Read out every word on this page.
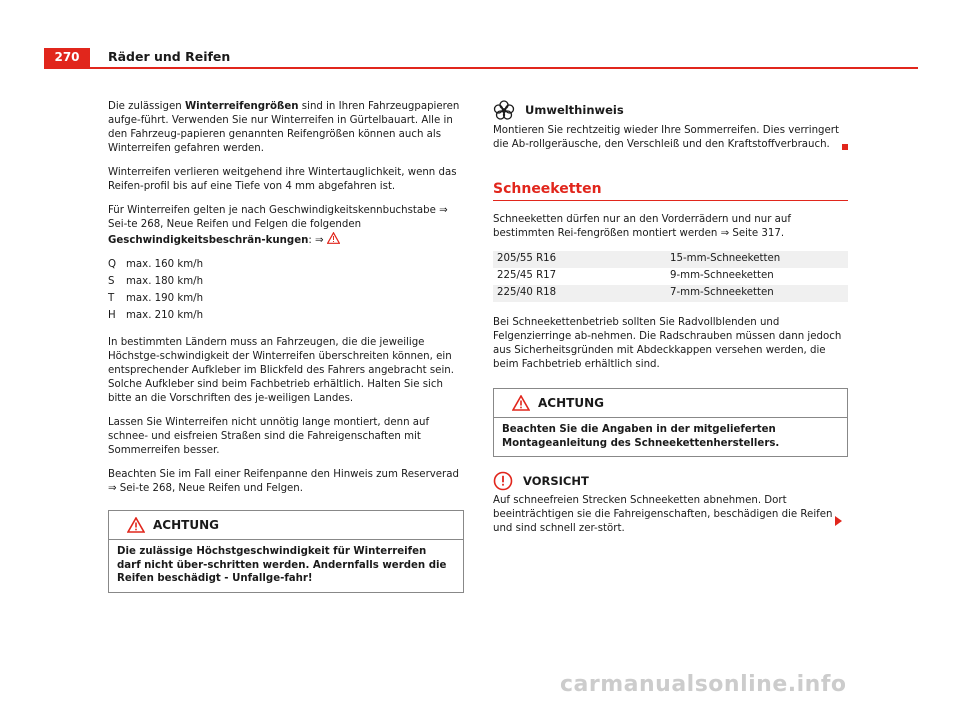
270	Räder und Reifen

Die zulässigen Winterreifengrößen sind in Ihren Fahrzeugpapieren aufge-führt. Verwenden Sie nur Winterreifen in Gürtelbauart. Alle in den Fahrzeug-papieren genannten Reifengrößen können auch als Winterreifen gefahren werden.

Winterreifen verlieren weitgehend ihre Wintertauglichkeit, wenn das Reifen-profil bis auf eine Tiefe von 4 mm abgefahren ist.

Für Winterreifen gelten je nach Geschwindigkeitskennbuchstabe ⇒ Sei-te 268, Neue Reifen und Felgen die folgenden Geschwindigkeitsbeschrän-kungen: ⇒

Q	max. 160 km/h
S	max. 180 km/h
T	max. 190 km/h
H	max. 210 km/h

In bestimmten Ländern muss an Fahrzeugen, die die jeweilige Höchstge-schwindigkeit der Winterreifen überschreiten können, ein entsprechender Aufkleber im Blickfeld des Fahrers angebracht sein. Solche Aufkleber sind beim Fachbetrieb erhältlich. Halten Sie sich bitte an die Vorschriften des je-weiligen Landes.

Lassen Sie Winterreifen nicht unnötig lange montiert, denn auf schnee- und eisfreien Straßen sind die Fahreigenschaften mit Sommerreifen besser.

Beachten Sie im Fall einer Reifenpanne den Hinweis zum Reserverad ⇒ Sei-te 268, Neue Reifen und Felgen.

ACHTUNG
Die zulässige Höchstgeschwindigkeit für Winterreifen darf nicht über-schritten werden. Andernfalls werden die Reifen beschädigt - Unfallge-fahr!
Umwelthinweis

Montieren Sie rechtzeitig wieder Ihre Sommerreifen. Dies verringert die Ab-rollgeräusche, den Verschleiß und den Kraftstoffverbrauch.

Schneeketten

Schneeketten dürfen nur an den Vorderrädern und nur auf bestimmten Rei-fengrößen montiert werden ⇒ Seite 317.

205/55 R16	15-mm-Schneeketten
225/45 R17	9-mm-Schneeketten
225/40 R18	7-mm-Schneeketten

Bei Schneekettenbetrieb sollten Sie Radvollblenden und Felgenzierringe ab-nehmen. Die Radschrauben müssen dann jedoch aus Sicherheitsgründen mit Abdeckkappen versehen werden, die beim Fachbetrieb erhältlich sind.

ACHTUNG
Beachten Sie die Angaben in der mitgelieferten Montageanleitung des Schneekettenherstellers.
VORSICHT

Auf schneefreien Strecken Schneeketten abnehmen. Dort beeinträchtigen sie die Fahreigenschaften, beschädigen die Reifen und sind schnell zer-stört.

carmanualsonline.info
